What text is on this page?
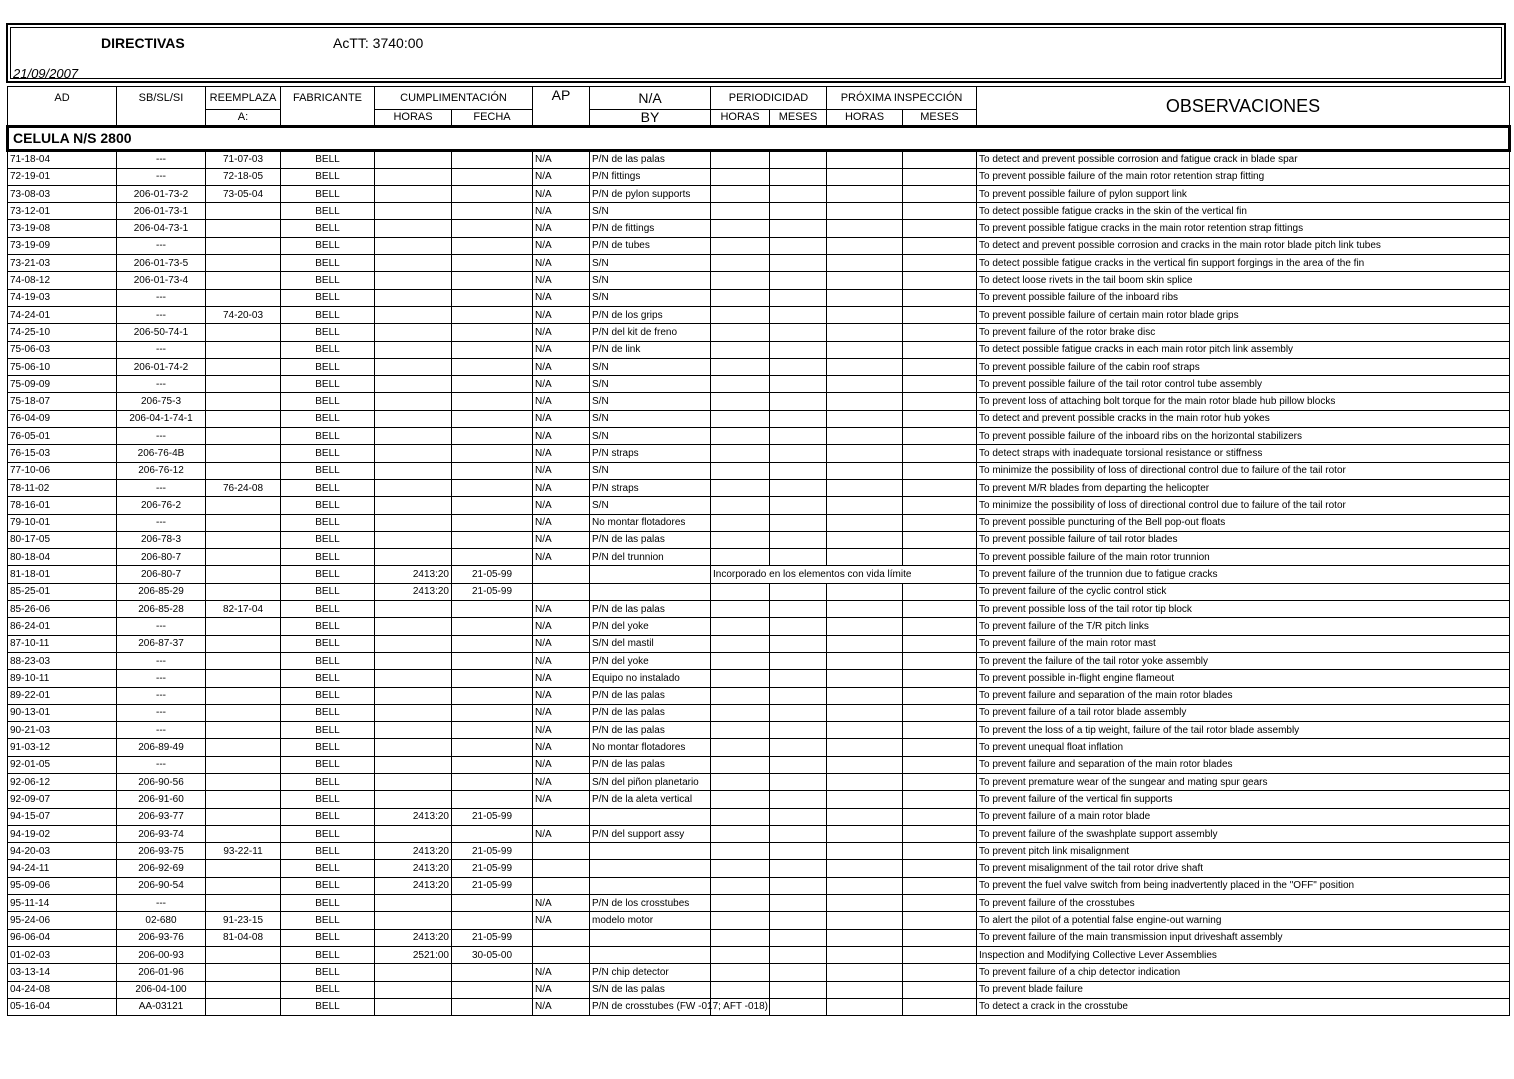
DIRECTIVAS	AcTT: 3740:00
21/09/2007
AD	SB/SL/SI	REEMPLAZA	FABRICANTE	CUMPLIMENTACIÓN		AP	N/A	PERIODICIDAD		PRÓXIMA INSPECCIÓN		OBSERVACIONES
		A:		HORAS	FECHA		BY	HORAS	MESES	HORAS	MESES	
CELULA N/S 2800												
71-18-04	---	71-07-03	BELL			N/A	P/N de las palas					To detect and prevent possible corrosion and fatigue crack in blade spar
72-19-01	---	72-18-05	BELL			N/A	P/N fittings					To prevent possible failure of the main rotor retention strap fitting
73-08-03	206-01-73-2	73-05-04	BELL			N/A	P/N de pylon supports					To prevent possible failure of pylon support link
73-12-01	206-01-73-1		BELL			N/A	S/N					To detect possible fatigue cracks in the skin of the vertical fin
73-19-08	206-04-73-1		BELL			N/A	P/N de fittings					To prevent possible fatigue cracks in the main rotor retention strap fittings
73-19-09	---		BELL			N/A	P/N de tubes					To detect and prevent possible corrosion and cracks in the main rotor blade pitch link tubes
73-21-03	206-01-73-5		BELL			N/A	S/N					To detect possible fatigue cracks in the vertical fin support forgings in the area of the fin
74-08-12	206-01-73-4		BELL			N/A	S/N					To detect loose rivets in the tail boom skin splice
74-19-03	---		BELL			N/A	S/N					To prevent possible failure of the inboard ribs
74-24-01	---	74-20-03	BELL			N/A	P/N de los grips					To prevent possible failure of certain main rotor blade grips
74-25-10	206-50-74-1		BELL			N/A	P/N del kit de freno					To prevent failure of the rotor brake disc
75-06-03	---		BELL			N/A	P/N de link					To detect possible fatigue cracks in each main rotor pitch link assembly
75-06-10	206-01-74-2		BELL			N/A	S/N					To prevent possible failure of the cabin roof straps
75-09-09	---		BELL			N/A	S/N					To prevent possible failure of the tail rotor control tube assembly
75-18-07	206-75-3		BELL			N/A	S/N					To prevent loss of attaching bolt torque for the main rotor blade hub pillow blocks
76-04-09	206-04-1-74-1		BELL			N/A	S/N					To detect and prevent possible cracks in the main rotor hub yokes
76-05-01	---		BELL			N/A	S/N					To prevent possible failure of the inboard ribs on the horizontal stabilizers
76-15-03	206-76-4B		BELL			N/A	P/N straps					To detect straps with inadequate torsional resistance or stiffness
77-10-06	206-76-12		BELL			N/A	S/N					To minimize the possibility of loss of directional control due to failure of the tail rotor
78-11-02	---	76-24-08	BELL			N/A	P/N straps					To prevent M/R blades from departing the helicopter
78-16-01	206-76-2		BELL			N/A	S/N					To minimize the possibility of loss of directional control due to failure of the tail rotor
79-10-01	---		BELL			N/A	No montar flotadores					To prevent possible puncturing of the Bell pop-out floats
80-17-05	206-78-3		BELL			N/A	P/N de las palas					To prevent possible failure of tail rotor blades
80-18-04	206-80-7		BELL			N/A	P/N del trunnion					To prevent possible failure of the main rotor trunnion
81-18-01	206-80-7		BELL	2413:20	21-05-99			Incorporado en los elementos con vida límite				To prevent failure of the trunnion due to fatigue cracks
85-25-01	206-85-29		BELL	2413:20	21-05-99							To prevent failure of the cyclic control stick
85-26-06	206-85-28	82-17-04	BELL			N/A	P/N de las palas					To prevent possible loss of the tail rotor tip block
86-24-01	---		BELL			N/A	P/N del yoke					To prevent failure of the T/R pitch links
87-10-11	206-87-37		BELL			N/A	S/N del mastil					To prevent failure of the main rotor mast
88-23-03	---		BELL			N/A	P/N del yoke					To prevent the failure of the tail rotor yoke assembly
89-10-11	---		BELL			N/A	Equipo no instalado					To prevent possible in-flight engine flameout
89-22-01	---		BELL			N/A	P/N de las palas					To prevent failure and separation of the main rotor blades
90-13-01	---		BELL			N/A	P/N de las palas					To prevent failure of a tail rotor blade assembly
90-21-03	---		BELL			N/A	P/N de las palas					To prevent the loss of a tip weight, failure of the tail rotor blade assembly
91-03-12	206-89-49		BELL			N/A	No montar flotadores					To prevent unequal float inflation
92-01-05	---		BELL			N/A	P/N de las palas					To prevent failure and separation of the main rotor blades
92-06-12	206-90-56		BELL			N/A	S/N del piñon planetario					To prevent premature wear of the sungear and mating spur gears
92-09-07	206-91-60		BELL			N/A	P/N de la aleta vertical					To prevent failure of the vertical fin supports
94-15-07	206-93-77		BELL	2413:20	21-05-99							To prevent failure of a main rotor blade
94-19-02	206-93-74		BELL			N/A	P/N del support assy					To prevent failure of the swashplate support assembly
94-20-03	206-93-75	93-22-11	BELL	2413:20	21-05-99							To prevent pitch link misalignment
94-24-11	206-92-69		BELL	2413:20	21-05-99							To prevent misalignment of the tail rotor drive shaft
95-09-06	206-90-54		BELL	2413:20	21-05-99							To prevent the fuel valve switch from being inadvertently placed in the "OFF" position
95-11-14	---		BELL			N/A	P/N de los crosstubes					To prevent failure of the crosstubes
95-24-06	02-680	91-23-15	BELL			N/A	modelo motor					To alert the pilot of a potential false engine-out warning
96-06-04	206-93-76	81-04-08	BELL	2413:20	21-05-99							To prevent failure of the main transmission input driveshaft assembly
01-02-03	206-00-93		BELL	2521:00	30-05-00							Inspection and Modifying Collective Lever Assemblies
03-13-14	206-01-96		BELL			N/A	P/N chip detector					To prevent failure of a chip detector indication
04-24-08	206-04-100		BELL			N/A	S/N de las palas					To prevent blade failure
05-16-04	AA-03121		BELL			N/A	P/N de crosstubes (FW -017; AFT -018)					To detect a crack in the crosstube
